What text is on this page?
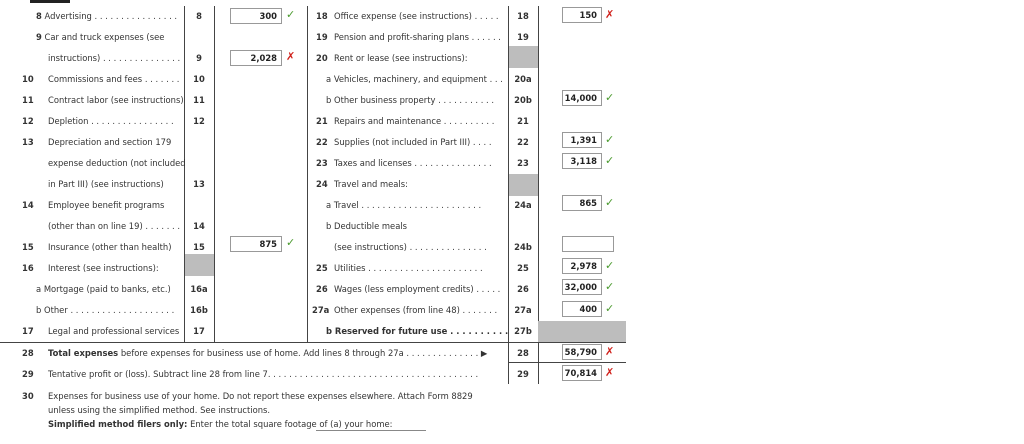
8 Advertising . . . . . . . . . . . . . . . .	8	300 ✓
9 Car and truck expenses (see
instructions) . . . . . . . . . . . . . . .	9	2,028 ✗
10 Commissions and fees . . . . . . .	10
11 Contract labor (see instructions)	11
12 Depletion . . . . . . . . . . . . . . . .	12
13 Depreciation and section 179
expense deduction (not included
in Part III) (see instructions)	13
14 Employee benefit programs
(other than on line 19) . . . . . . .	14
15 Insurance (other than health)	15	875 ✓
16 Interest (see instructions):
a Mortgage (paid to banks, etc.)	16a
b Other . . . . . . . . . . . . . . . . . . . .	16b
17 Legal and professional services	17
18 Office expense (see instructions) . . . . .	18	150 ✗
19 Pension and profit-sharing plans . . . . . .	19
20 Rent or lease (see instructions):
a Vehicles, machinery, and equipment . . .	20a
b Other business property . . . . . . . . . . .	20b	14,000 ✓
21 Repairs and maintenance . . . . . . . . . .	21
22 Supplies (not included in Part III) . . . .	22	1,391 ✓
23 Taxes and licenses . . . . . . . . . . . . . . .	23	3,118 ✓
24 Travel and meals:
a Travel . . . . . . . . . . . . . . . . . . . . . . .	24a	865 ✓
b Deductible meals
(see instructions) . . . . . . . . . . . . . . .	24b
25 Utilities . . . . . . . . . . . . . . . . . . . . . .	25	2,978 ✓
26 Wages (less employment credits) . . . . .	26	32,000 ✓
27a Other expenses (from line 48) . . . . . . .	27a	400 ✓
b Reserved for future use . . . . . . . . . . 27b
28 Total expenses before expenses for business use of home. Add lines 8 through 27a . . . . . . . . . . . . . . ▶	28	58,790 ✗
29 Tentative profit or (loss). Subtract line 28 from line 7. . . . . . . . . . . . . . . . . . . . . . . . . . . . . . . . . . . . . . . .	29	70,814 ✗
30 Expenses for business use of your home. Do not report these expenses elsewhere. Attach Form 8829
unless using the simplified method. See instructions.
Simplified method filers only: Enter the total square footage of (a) your home:
